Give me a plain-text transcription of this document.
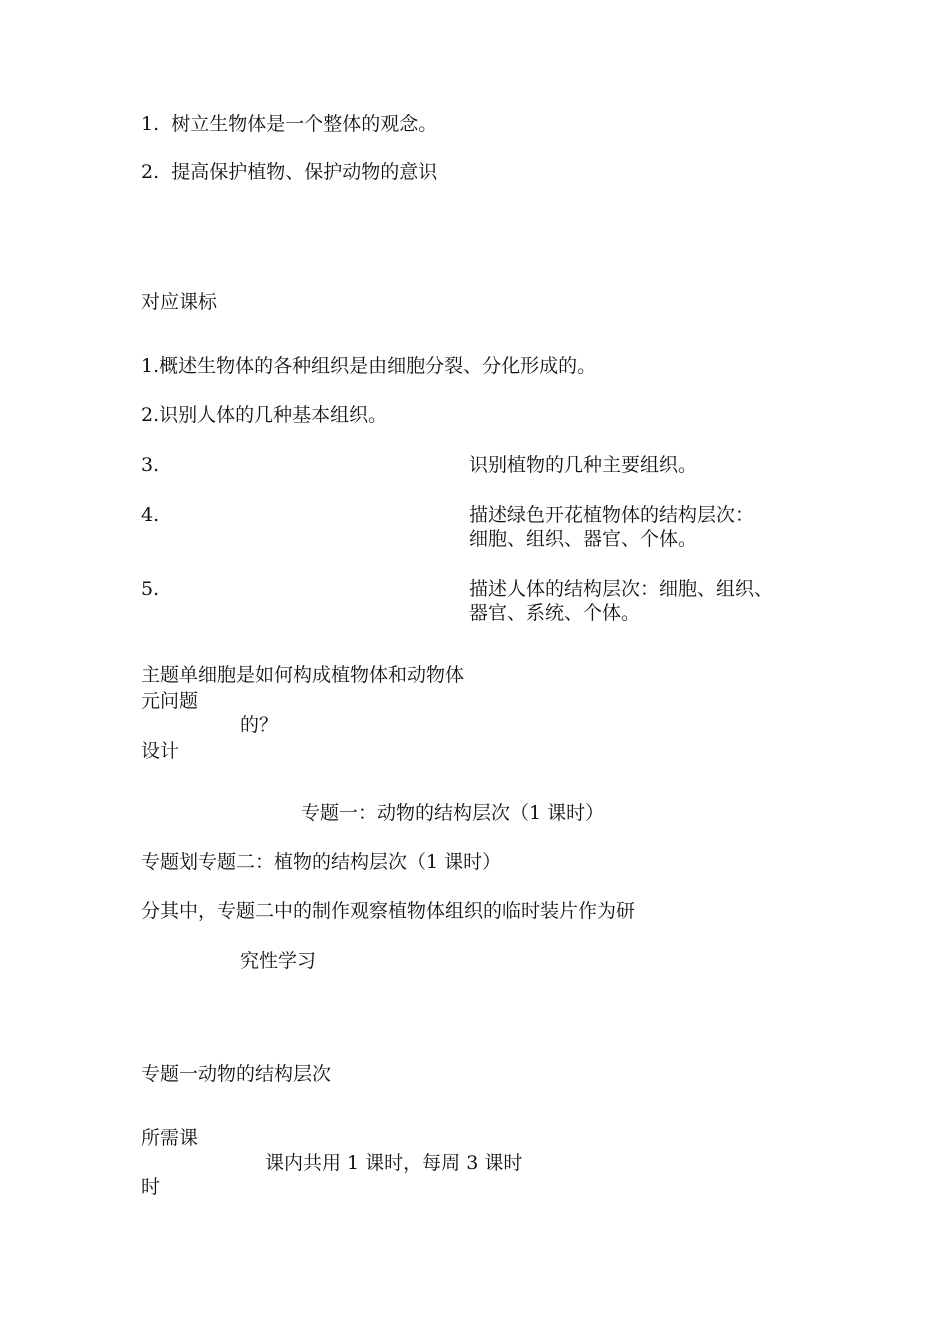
1. 树立生物体是一个整体的观念。
2. 提高保护植物、保护动物的意识
对应课标
1.概述生物体的各种组织是由细胞分裂、分化形成的。
2.识别人体的几种基本组织。
3.	识别植物的几种主要组织。
4.	描述绿色开花植物体的结构层次：
细胞、组织、器官、个体。
5.	描述人体的结构层次：细胞、组织、
器官、系统、个体。
主题单细胞是如何构成植物体和动物体
元问题
的？
设计
专题一：动物的结构层次（1 课时）
专题划专题二：植物的结构层次（1 课时）
分其中，专题二中的制作观察植物体组织的临时装片作为研
究性学习
专题一动物的结构层次
所需课
课内共用 1 课时，每周 3 课时
时
